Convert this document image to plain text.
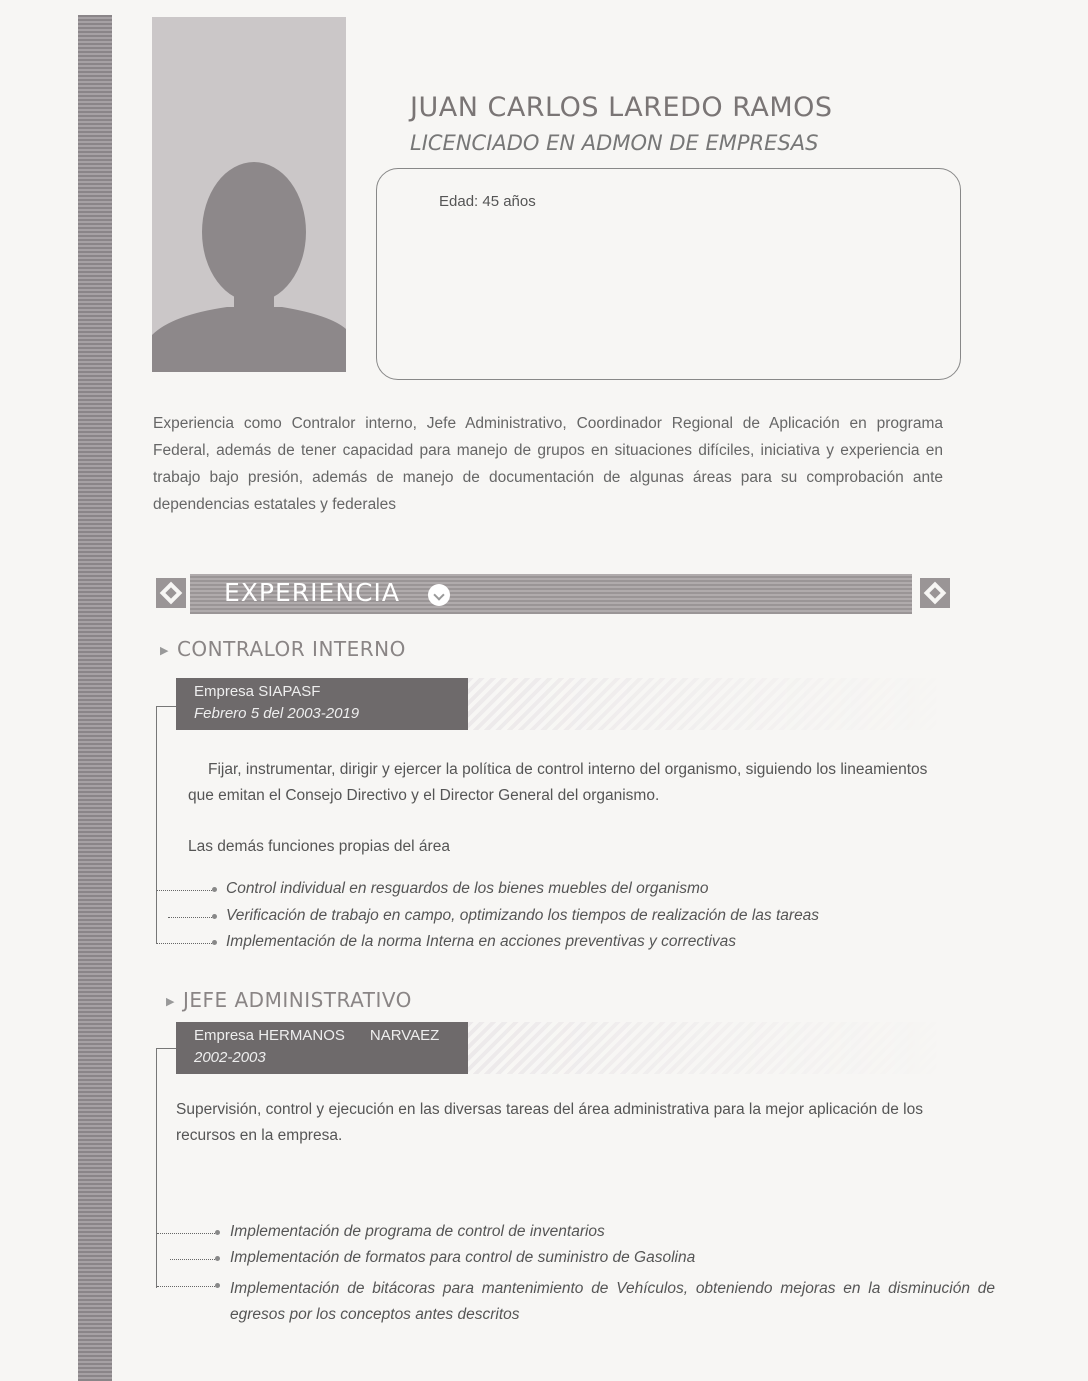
JUAN CARLOS LAREDO RAMOS
LICENCIADO EN ADMON DE EMPRESAS
Edad: 45 años
Experiencia como Contralor interno, Jefe Administrativo, Coordinador Regional de Aplicación en programa Federal, además de tener capacidad para manejo de grupos en situaciones difíciles, iniciativa y experiencia en trabajo bajo presión, además de manejo de documentación de algunas áreas para su comprobación ante dependencias estatales y federales
EXPERIENCIA
▶ CONTRALOR INTERNO
Empresa SIAPASF
Febrero 5 del 2003-2019
Fijar, instrumentar, dirigir y ejercer la política de control interno del organismo, siguiendo los lineamientos que emitan el Consejo Directivo y el Director General del organismo.
Las demás funciones propias del área
Control individual en resguardos de los bienes muebles del organismo
Verificación de trabajo en campo, optimizando los tiempos de realización de las tareas
Implementación de la norma Interna en acciones preventivas y correctivas
▶ JEFE ADMINISTRATIVO
Empresa HERMANOS      NARVAEZ
2002-2003
Supervisión, control y ejecución en las diversas tareas del área administrativa para la mejor aplicación de los recursos en la empresa.
Implementación de programa de control de inventarios
Implementación de formatos para control de suministro de Gasolina
Implementación de bitácoras para mantenimiento de Vehículos, obteniendo mejoras en la disminución de egresos por los conceptos antes descritos
